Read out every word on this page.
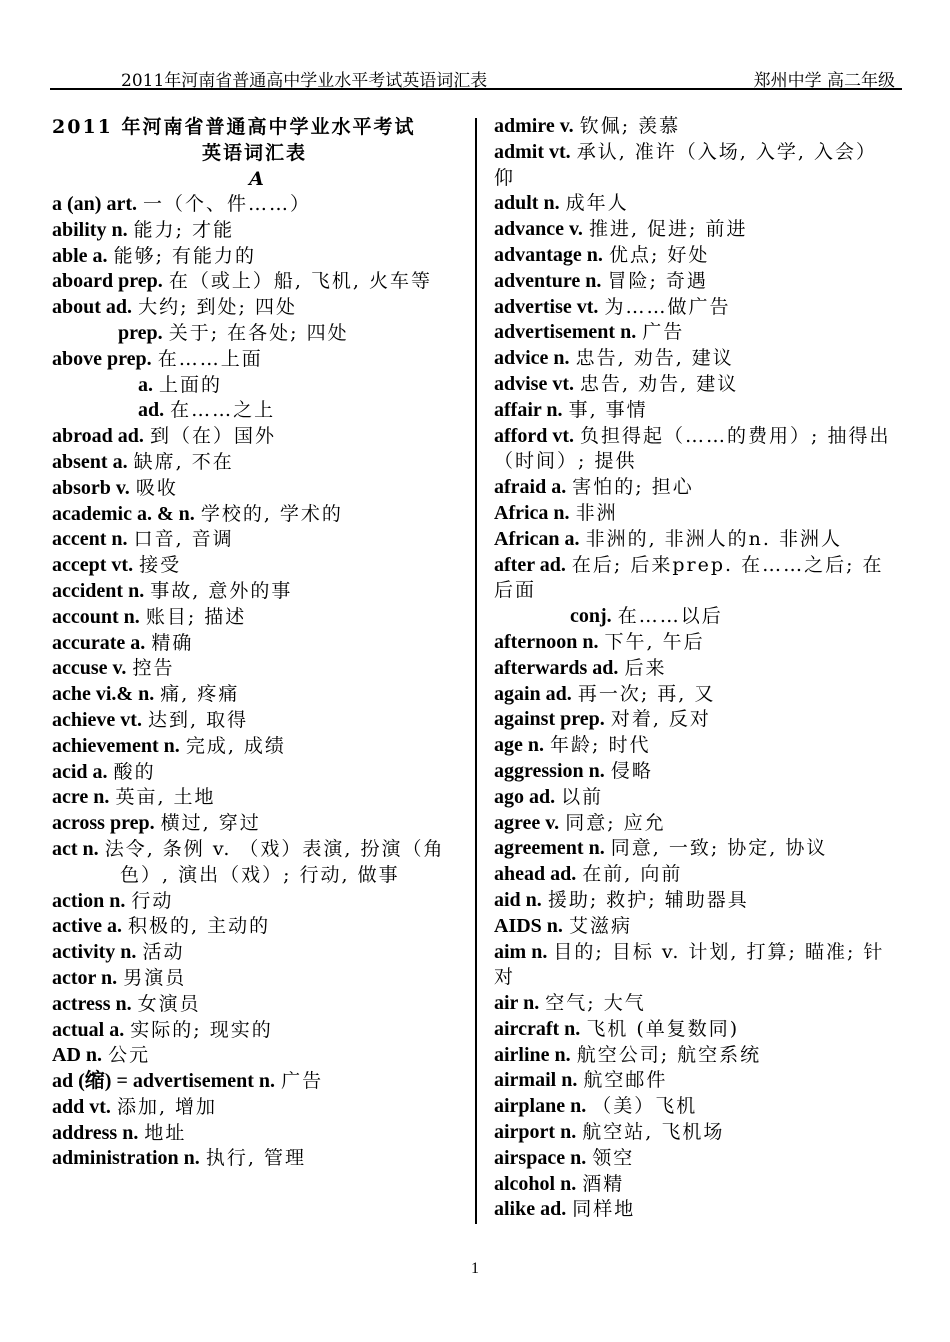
2011年河南省普通高中学业水平考试英语词汇表	郑州中学 高二年级
2011 年河南省普通高中学业水平考试
英语词汇表
A
a (an) art. 一（个、件……）
ability n. 能力; 才能
able a. 能够; 有能力的
aboard prep. 在（或上）船, 飞机, 火车等
about ad. 大约; 到处; 四处
prep. 关于; 在各处; 四处
above prep. 在……上面
a. 上面的
ad. 在……之上
abroad ad. 到（在）国外
absent a. 缺席, 不在
absorb v. 吸收
academic a. & n. 学校的, 学术的
accent n. 口音, 音调
accept vt. 接受
accident n. 事故, 意外的事
account n. 账目; 描述
accurate a. 精确
accuse v. 控告
ache vi.& n. 痛, 疼痛
achieve vt. 达到, 取得
achievement n. 完成, 成绩
acid a. 酸的
acre n. 英亩, 土地
across prep. 横过, 穿过
act n. 法令, 条例 v. （戏）表演, 扮演（角色）, 演出（戏）; 行动, 做事
action n. 行动
active a. 积极的, 主动的
activity n. 活动
actor n. 男演员
actress n. 女演员
actual a. 实际的; 现实的
AD n. 公元
ad (缩) = advertisement n. 广告
add vt. 添加, 增加
address n. 地址
administration n. 执行, 管理
admire v. 钦佩; 羡慕
admit vt. 承认, 准许（入场, 入学, 入会）仰
adult n. 成年人
advance v. 推进, 促进; 前进
advantage n. 优点; 好处
adventure n. 冒险; 奇遇
advertise vt. 为……做广告
advertisement n. 广告
advice n. 忠告, 劝告, 建议
advise vt. 忠告, 劝告, 建议
affair n. 事, 事情
afford vt. 负担得起（……的费用）; 抽得出（时间）; 提供
afraid a. 害怕的; 担心
Africa n. 非洲
African a. 非洲的, 非洲人的n. 非洲人
after ad. 在后; 后来prep. 在……之后; 在 后面
conj. 在……以后
afternoon n. 下午, 午后
afterwards ad. 后来
again ad. 再一次; 再, 又
against prep. 对着, 反对
age n. 年龄; 时代
aggression n. 侵略
ago ad. 以前
agree v. 同意; 应允
agreement n. 同意, 一致; 协定, 协议
ahead ad. 在前, 向前
aid n. 援助; 救护; 辅助器具
AIDS n. 艾滋病
aim n. 目的; 目标 v. 计划, 打算; 瞄准; 针对
air n. 空气; 大气
aircraft n. 飞机 (单复数同)
airline n. 航空公司; 航空系统
airmail n. 航空邮件
airplane n. （美）飞机
airport n. 航空站, 飞机场
airspace n. 领空
alcohol n. 酒精
alike ad. 同样地
1
